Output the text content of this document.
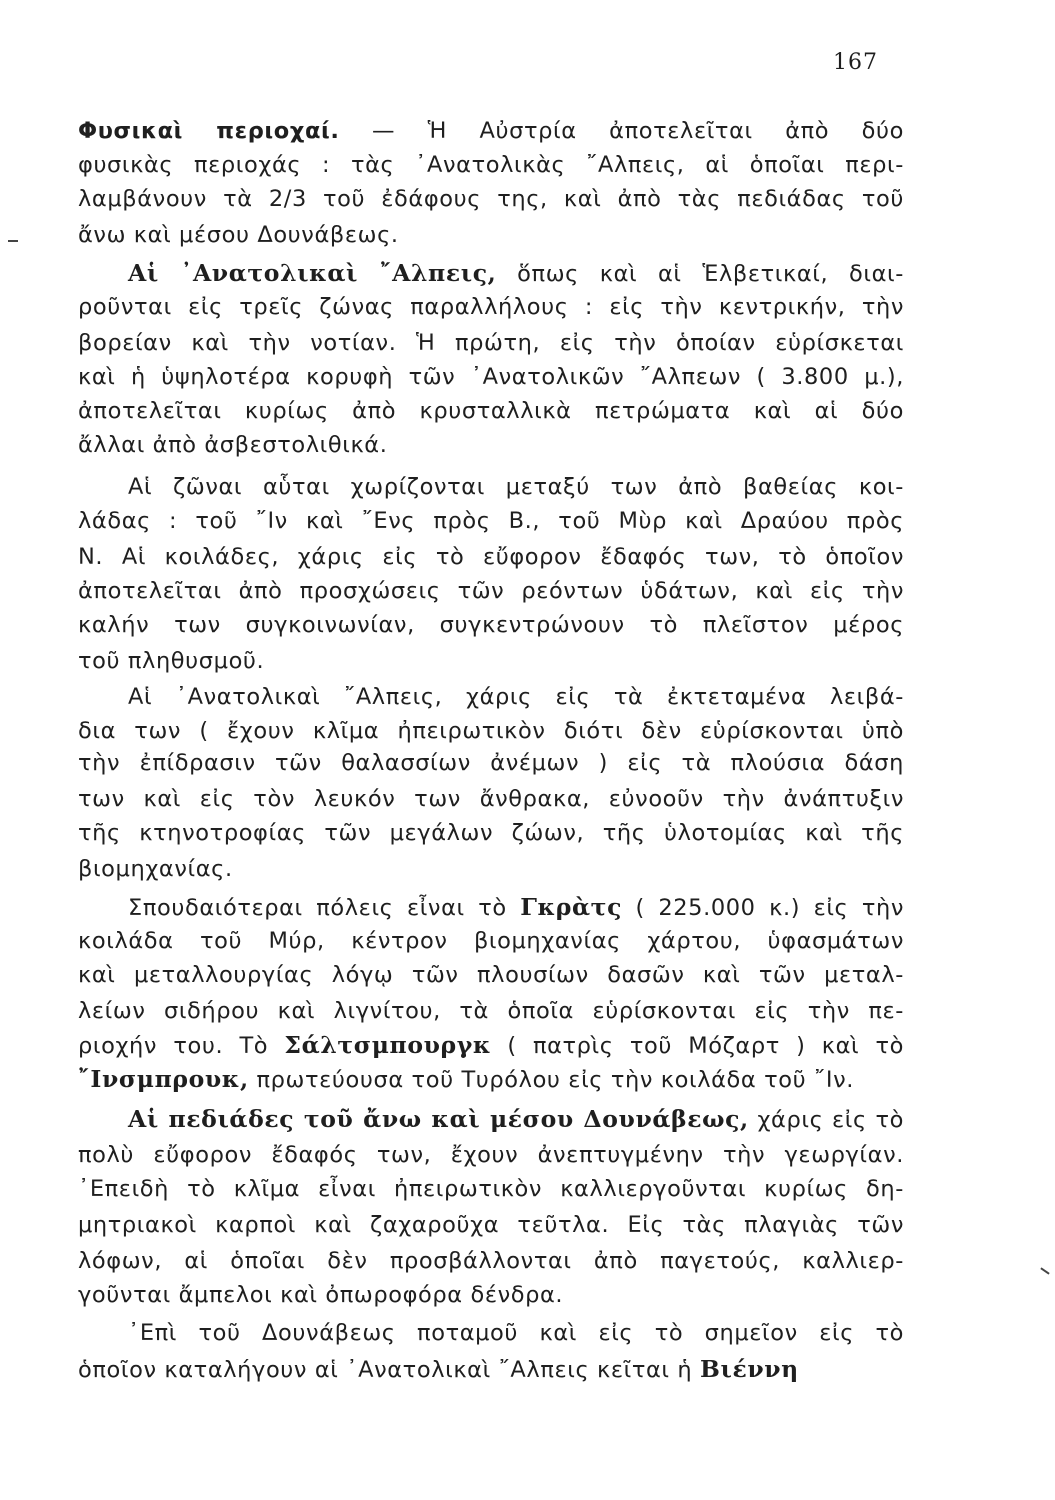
167
Φυσικαὶ περιοχαί. — Ἡ Αὐστρία ἀποτελεῖται ἀπὸ δύο
φυσικὰς περιοχάς : τὰς ᾿Ανατολικὰς ῎Αλπεις, αἱ ὁποῖαι περι-
λαμβάνουν τὰ 2/3 τοῦ ἐδάφους της, καὶ ἀπὸ τὰς πεδιάδας τοῦ
ἄνω καὶ μέσου Δουνάβεως.
Αἱ ᾿Ανατολικαὶ ῎Αλπεις, ὅπως καὶ αἱ Ἑλβετικαί, διαι-
ροῦνται εἰς τρεῖς ζώνας παραλλήλους : εἰς τὴν κεντρικήν, τὴν
βορείαν καὶ τὴν νοτίαν. Ἡ πρώτη, εἰς τὴν ὁποίαν εὑρίσκεται
καὶ ἡ ὑψηλοτέρα κορυφὴ τῶν ᾿Ανατολικῶν ῎Αλπεων ( 3.800 μ.),
ἀποτελεῖται κυρίως ἀπὸ κρυσταλλικὰ πετρώματα καὶ αἱ δύο
ἄλλαι ἀπὸ ἀσβεστολιθικά.
Αἱ ζῶναι αὗται χωρίζονται μεταξύ των ἀπὸ βαθείας κοι-
λάδας : τοῦ ῎Ιν καὶ ῎Ενς πρὸς Β., τοῦ Μὺρ καὶ Δραύου πρὸς
Ν. Αἱ κοιλάδες, χάρις εἰς τὸ εὔφορον ἔδαφός των, τὸ ὁποῖον
ἀποτελεῖται ἀπὸ προσχώσεις τῶν ρεόντων ὑδάτων, καὶ εἰς τὴν
καλήν των συγκοινωνίαν, συγκεντρώνουν τὸ πλεῖστον μέρος
τοῦ πληθυσμοῦ.
Αἱ ᾿Ανατολικαὶ ῎Αλπεις, χάρις εἰς τὰ ἐκτεταμένα λειβά-
δια των ( ἔχουν κλῖμα ἠπειρωτικὸν διότι δὲν εὑρίσκονται ὑπὸ
τὴν ἐπίδρασιν τῶν θαλασσίων ἀνέμων ) εἰς τὰ πλούσια δάση
των καὶ εἰς τὸν λευκόν των ἄνθρακα, εὐνοοῦν τὴν ἀνάπτυξιν
τῆς κτηνοτροφίας τῶν μεγάλων ζώων, τῆς ὑλοτομίας καὶ τῆς
βιομηχανίας.
Σπουδαιότεραι πόλεις εἶναι τὸ Γκρὰτς ( 225.000 κ.) εἰς τὴν
κοιλάδα τοῦ Μύρ, κέντρον βιομηχανίας χάρτου, ὑφασμάτων
καὶ μεταλλουργίας λόγῳ τῶν πλουσίων δασῶν καὶ τῶν μεταλ-
λείων σιδήρου καὶ λιγνίτου, τὰ ὁποῖα εὑρίσκονται εἰς τὴν πε-
ριοχήν του. Τὸ Σάλτσμπουργκ ( πατρὶς τοῦ Μόζαρτ ) καὶ τὸ
῎Ινσμπρουκ, πρωτεύουσα τοῦ Τυρόλου εἰς τὴν κοιλάδα τοῦ ῎Ιν.
Αἱ πεδιάδες τοῦ ἄνω καὶ μέσου Δουνάβεως, χάρις εἰς τὸ
πολὺ εὔφορον ἔδαφός των, ἔχουν ἀνεπτυγμένην τὴν γεωργίαν.
᾿Επειδὴ τὸ κλῖμα εἶναι ἠπειρωτικὸν καλλιεργοῦνται κυρίως δη-
μητριακοὶ καρποὶ καὶ ζαχαροῦχα τεῦτλα. Εἰς τὰς πλαγιὰς τῶν
λόφων, αἱ ὁποῖαι δὲν προσβάλλονται ἀπὸ παγετούς, καλλιερ-
γοῦνται ἄμπελοι καὶ ὀπωροφόρα δένδρα.
᾿Επὶ τοῦ Δουνάβεως ποταμοῦ καὶ εἰς τὸ σημεῖον εἰς τὸ
ὁποῖον καταλήγουν αἱ ᾿Ανατολικαὶ ῎Αλπεις κεῖται ἡ Βιέννη
